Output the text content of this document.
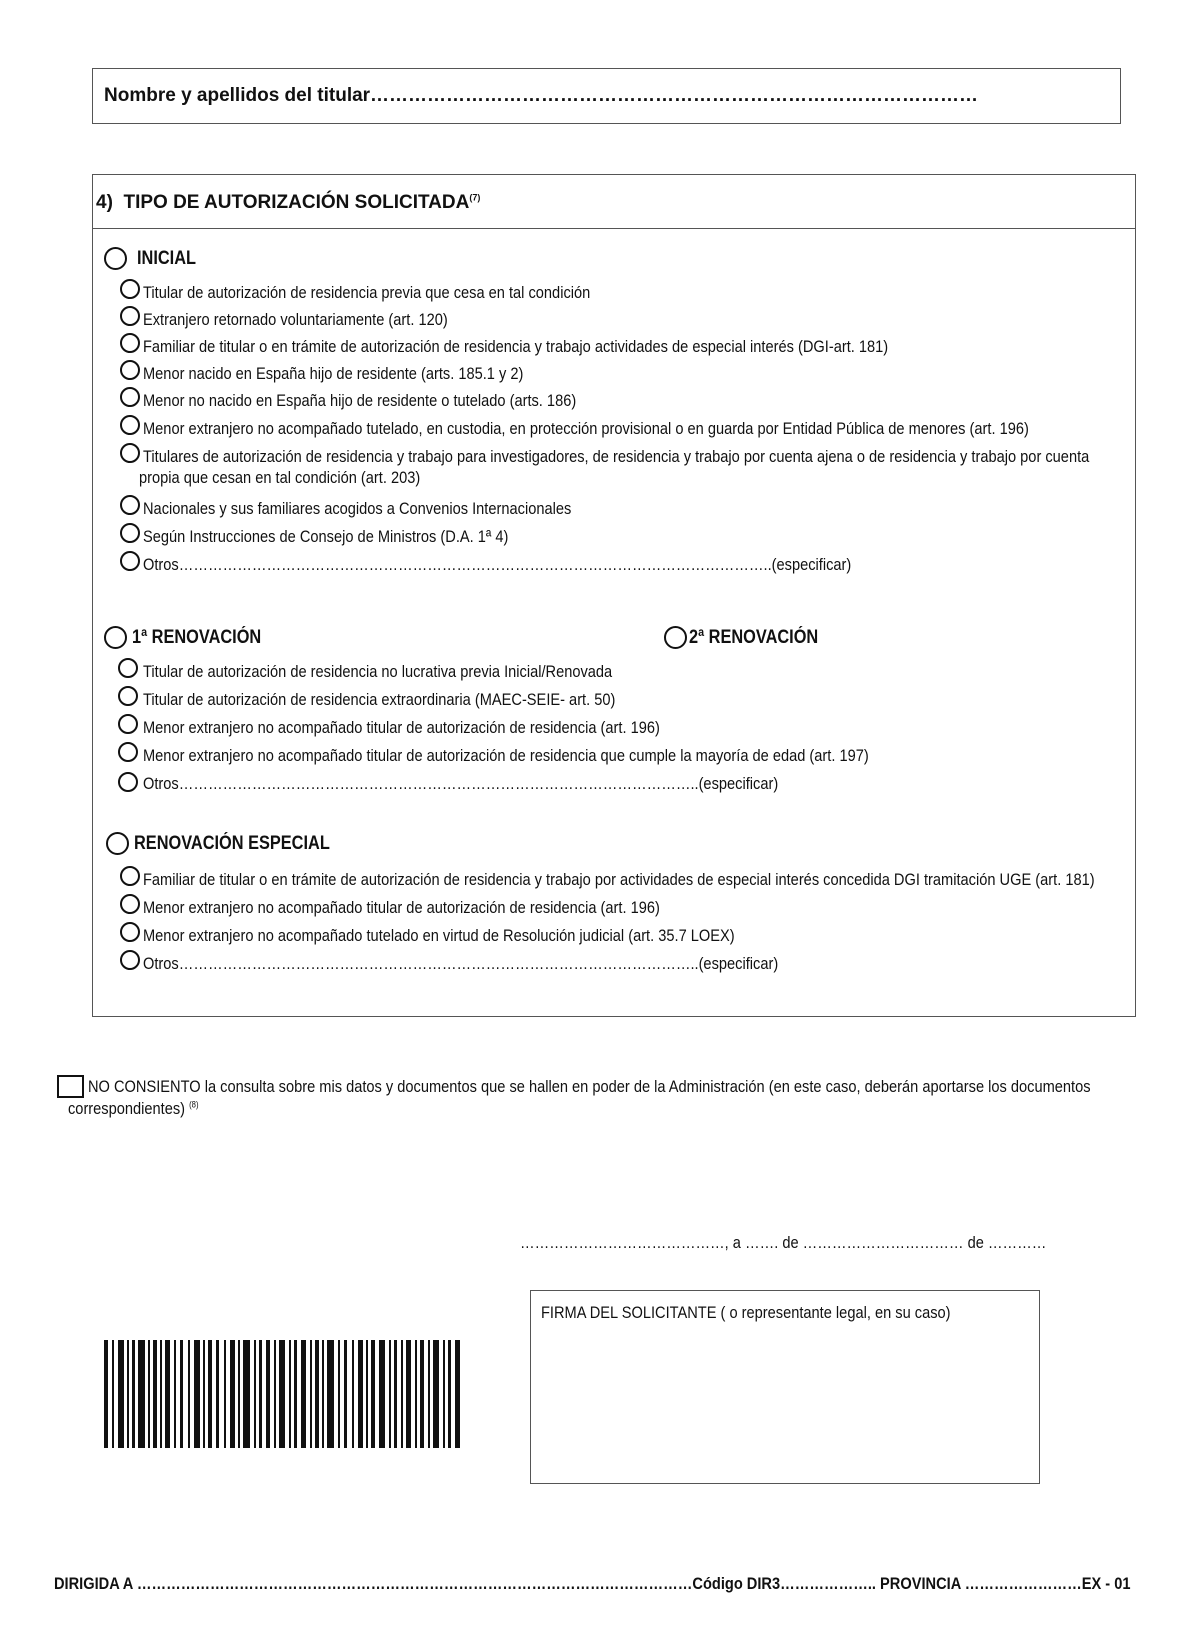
Nombre y apellidos del titular……………………………………………………………………………………
4) TIPO DE AUTORIZACIÓN SOLICITADA$^{(7)}$
INICIAL
Titular de autorización de residencia previa que cesa en tal condición
Extranjero retornado voluntariamente (art. 120)
Familiar de titular o en trámite de autorización de residencia y trabajo actividades de especial interés (DGI-art. 181)
Menor nacido en España hijo de residente (arts. 185.1 y 2)
Menor no nacido en España hijo de residente o tutelado (arts. 186)
Menor extranjero no acompañado tutelado, en custodia, en protección provisional o en guarda por Entidad Pública de menores (art. 196)
Titulares de autorización de residencia y trabajo para investigadores, de residencia y trabajo por cuenta ajena o de residencia y trabajo por cuenta
propia que cesan en tal condición (art. 203)
Nacionales y sus familiares acogidos a Convenios Internacionales
Según Instrucciones de Consejo de Ministros (D.A. 1ª 4)
Otros…………………………………………………………………………………………………………..(especificar)
1ª RENOVACIÓN	2ª RENOVACIÓN
Titular de autorización de residencia no lucrativa previa Inicial/Renovada
Titular de autorización de residencia extraordinaria (MAEC-SEIE- art. 50)
Menor extranjero no acompañado titular de autorización de residencia (art. 196)
Menor extranjero no acompañado titular de autorización de residencia que cumple la mayoría de edad (art. 197)
Otros……………………………………………………………………………………………..(especificar)
RENOVACIÓN ESPECIAL
Familiar de titular o en trámite de autorización de residencia y trabajo por actividades de especial interés concedida DGI tramitación UGE (art. 181)
Menor extranjero no acompañado titular de autorización de residencia (art. 196)
Menor extranjero no acompañado tutelado en virtud de Resolución judicial (art. 35.7 LOEX)
Otros……………………………………………………………………………………………..(especificar)
NO CONSIENTO la consulta sobre mis datos y documentos que se hallen en poder de la Administración (en este caso, deberán aportarse los documentos
correspondientes) $^{(8)}$
……………………………………, a ……. de …………………………… de …………
FIRMA DEL SOLICITANTE ( o representante legal, en su caso)
DIRIGIDA A ……………………………………………………………………………………………………Código DIR3……………….. PROVINCIA ……………………EX - 01
